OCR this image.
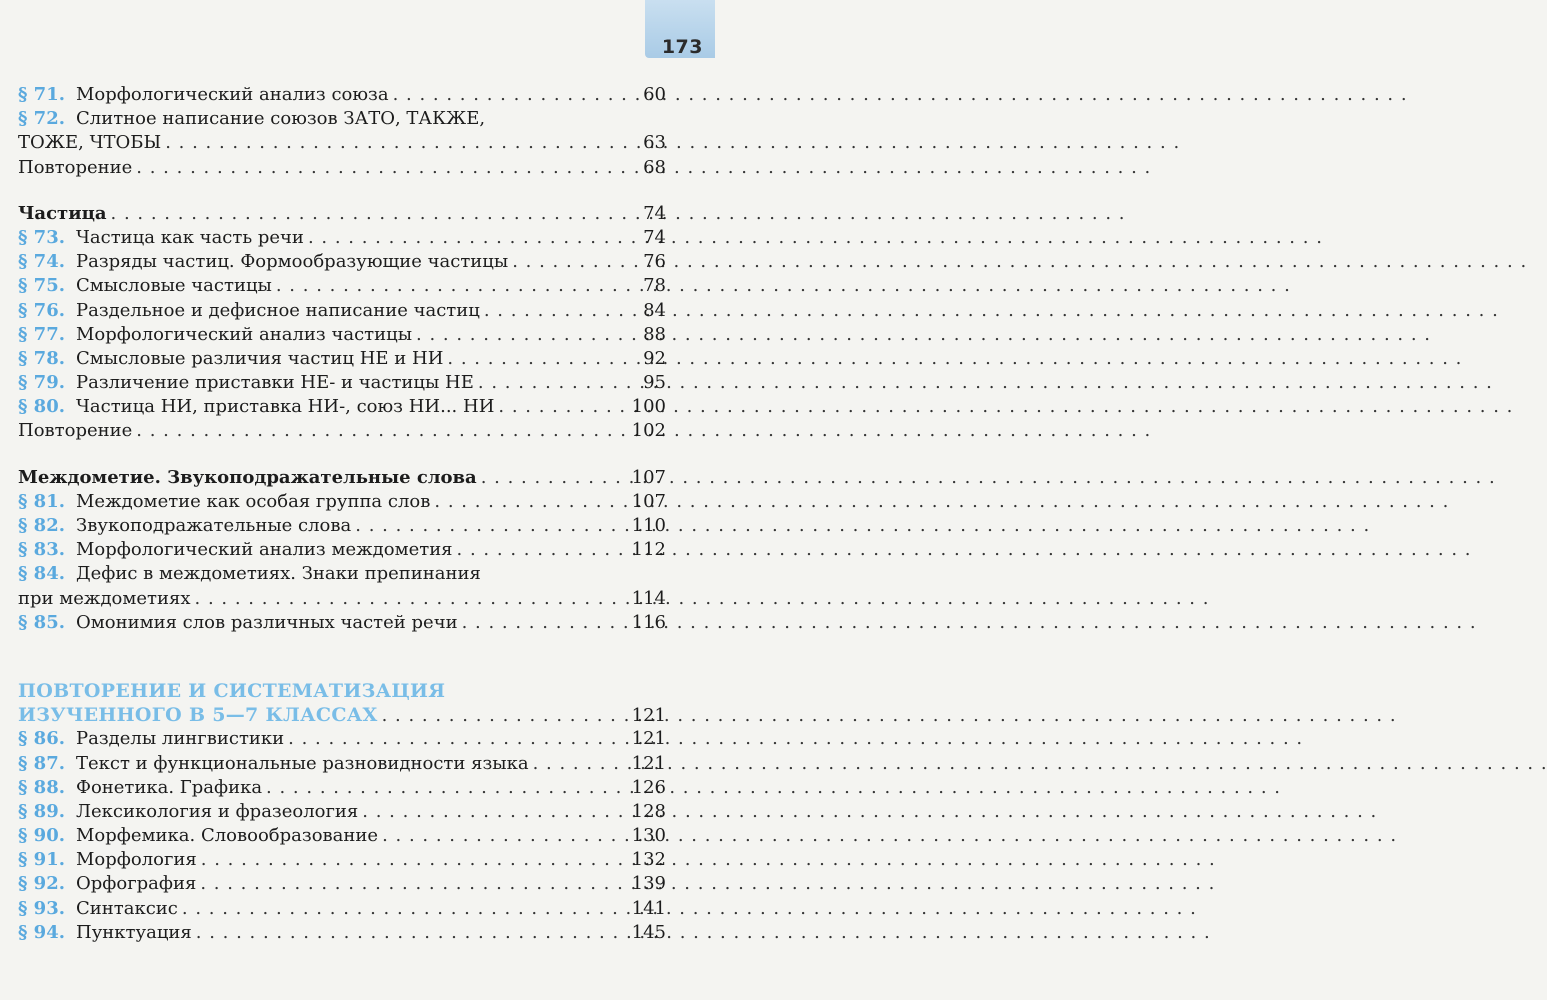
173
§ 71. Морфологический анализ союза . . .	60
§ 72. Слитное написание союзов ЗАТО, ТАКЖЕ,
ТОЖЕ, ЧТОБЫ . . .	63
Повторение . . .	68
Частица . . .	74
§ 73. Частица как часть речи . . .	74
§ 74. Разряды частиц. Формообразующие частицы . . .	76
§ 75. Смысловые частицы . . .	78
§ 76. Раздельное и дефисное написание частиц . . .	84
§ 77. Морфологический анализ частицы . . .	88
§ 78. Смысловые различия частиц НЕ и НИ . . .	92
§ 79. Различение приставки НЕ- и частицы НЕ . . .	95
§ 80. Частица НИ, приставка НИ-, союз НИ... НИ . . .	100
Повторение . . .	102
Междометие. Звукоподражательные слова . . .	107
§ 81. Междометие как особая группа слов . . .	107
§ 82. Звукоподражательные слова . . .	110
§ 83. Морфологический анализ междометия . . .	112
§ 84. Дефис в междометиях. Знаки препинания
при междометиях . . .	114
§ 85. Омонимия слов различных частей речи . . .	116
ПОВТОРЕНИЕ И СИСТЕМАТИЗАЦИЯ
ИЗУЧЕННОГО В 5—7 КЛАССАХ . . .	121
§ 86. Разделы лингвистики . . .	121
§ 87. Текст и функциональные разновидности языка . . .	121
§ 88. Фонетика. Графика . . .	126
§ 89. Лексикология и фразеология . . .	128
§ 90. Морфемика. Словообразование . . .	130
§ 91. Морфология . . .	132
§ 92. Орфография . . .	139
§ 93. Синтаксис . . .	141
§ 94. Пунктуация . . .	145
